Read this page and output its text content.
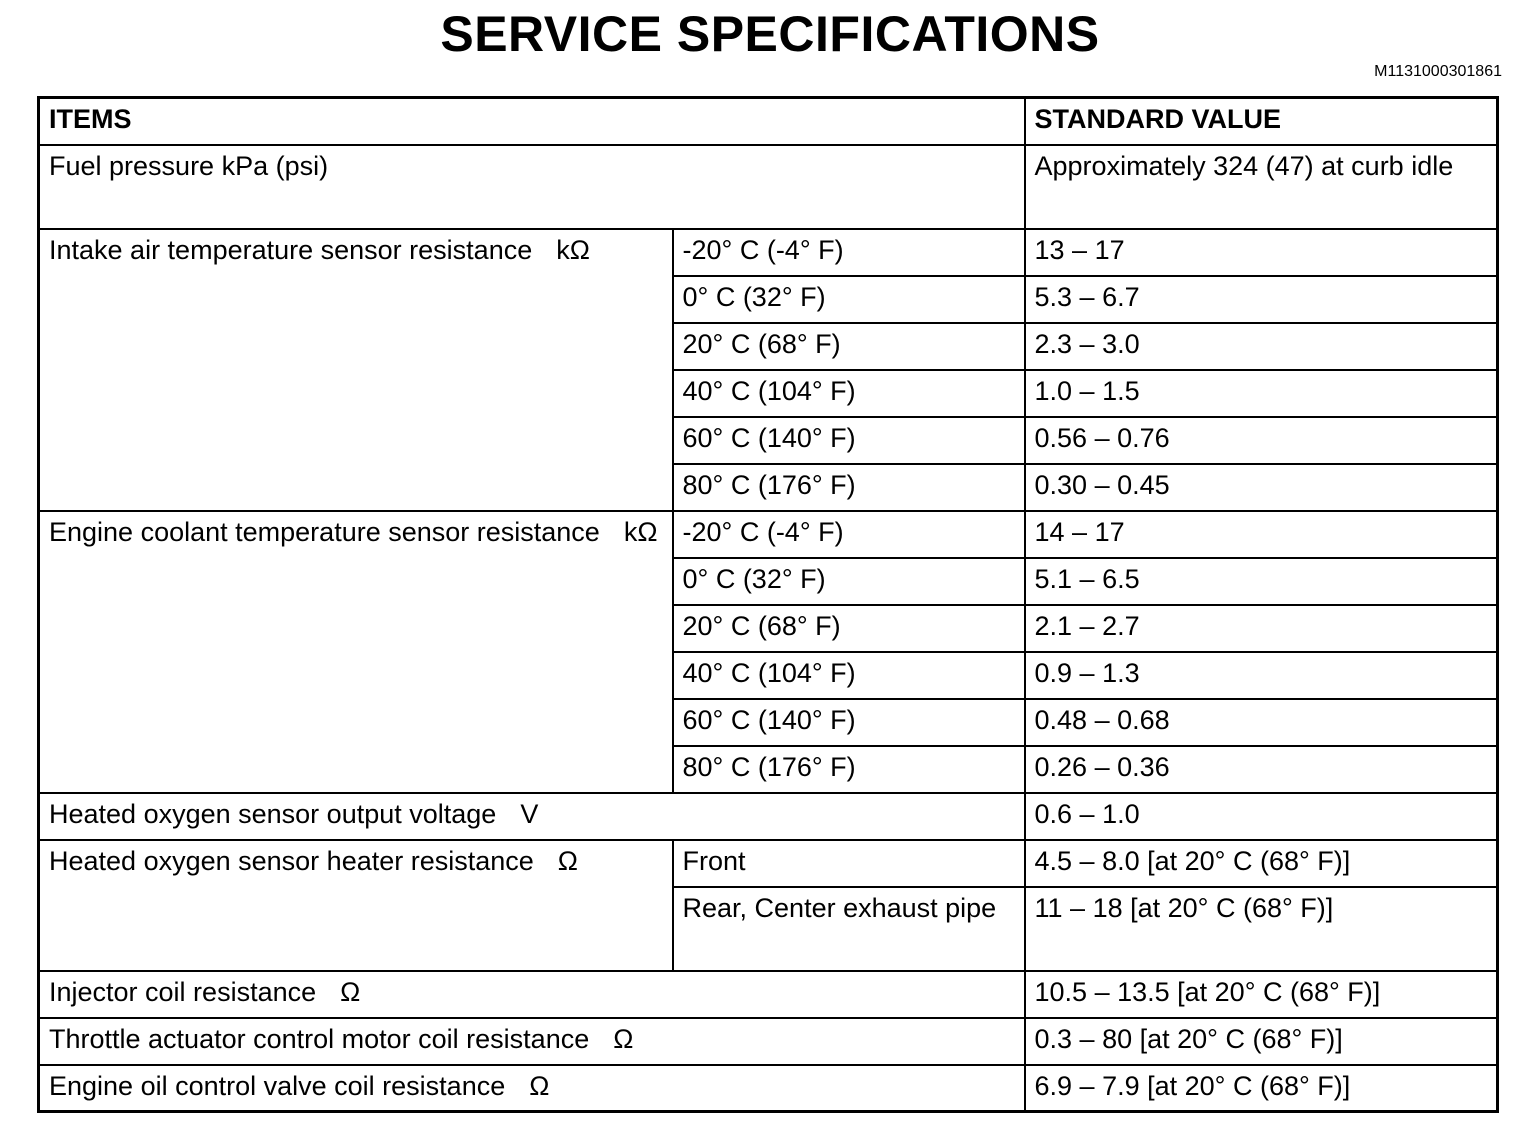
SERVICE SPECIFICATIONS
M1131000301861
ITEMS		STANDARD VALUE
Fuel pressure kPa (psi)		Approximately 324 (47) at curb idle
Intake air temperature sensor resistance kΩ	-20° C (-4° F)	13 – 17
	0° C (32° F)	5.3 – 6.7
	20° C (68° F)	2.3 – 3.0
	40° C (104° F)	1.0 – 1.5
	60° C (140° F)	0.56 – 0.76
	80° C (176° F)	0.30 – 0.45
Engine coolant temperature sensor resistance kΩ	-20° C (-4° F)	14 – 17
	0° C (32° F)	5.1 – 6.5
	20° C (68° F)	2.1 – 2.7
	40° C (104° F)	0.9 – 1.3
	60° C (140° F)	0.48 – 0.68
	80° C (176° F)	0.26 – 0.36
Heated oxygen sensor output voltage V		0.6 – 1.0
Heated oxygen sensor heater resistance Ω	Front	4.5 – 8.0 [at 20° C (68° F)]
	Rear, Center exhaust pipe	11 – 18 [at 20° C (68° F)]
Injector coil resistance Ω		10.5 – 13.5 [at 20° C (68° F)]
Throttle actuator control motor coil resistance Ω		0.3 – 80 [at 20° C (68° F)]
Engine oil control valve coil resistance Ω		6.9 – 7.9 [at 20° C (68° F)]
